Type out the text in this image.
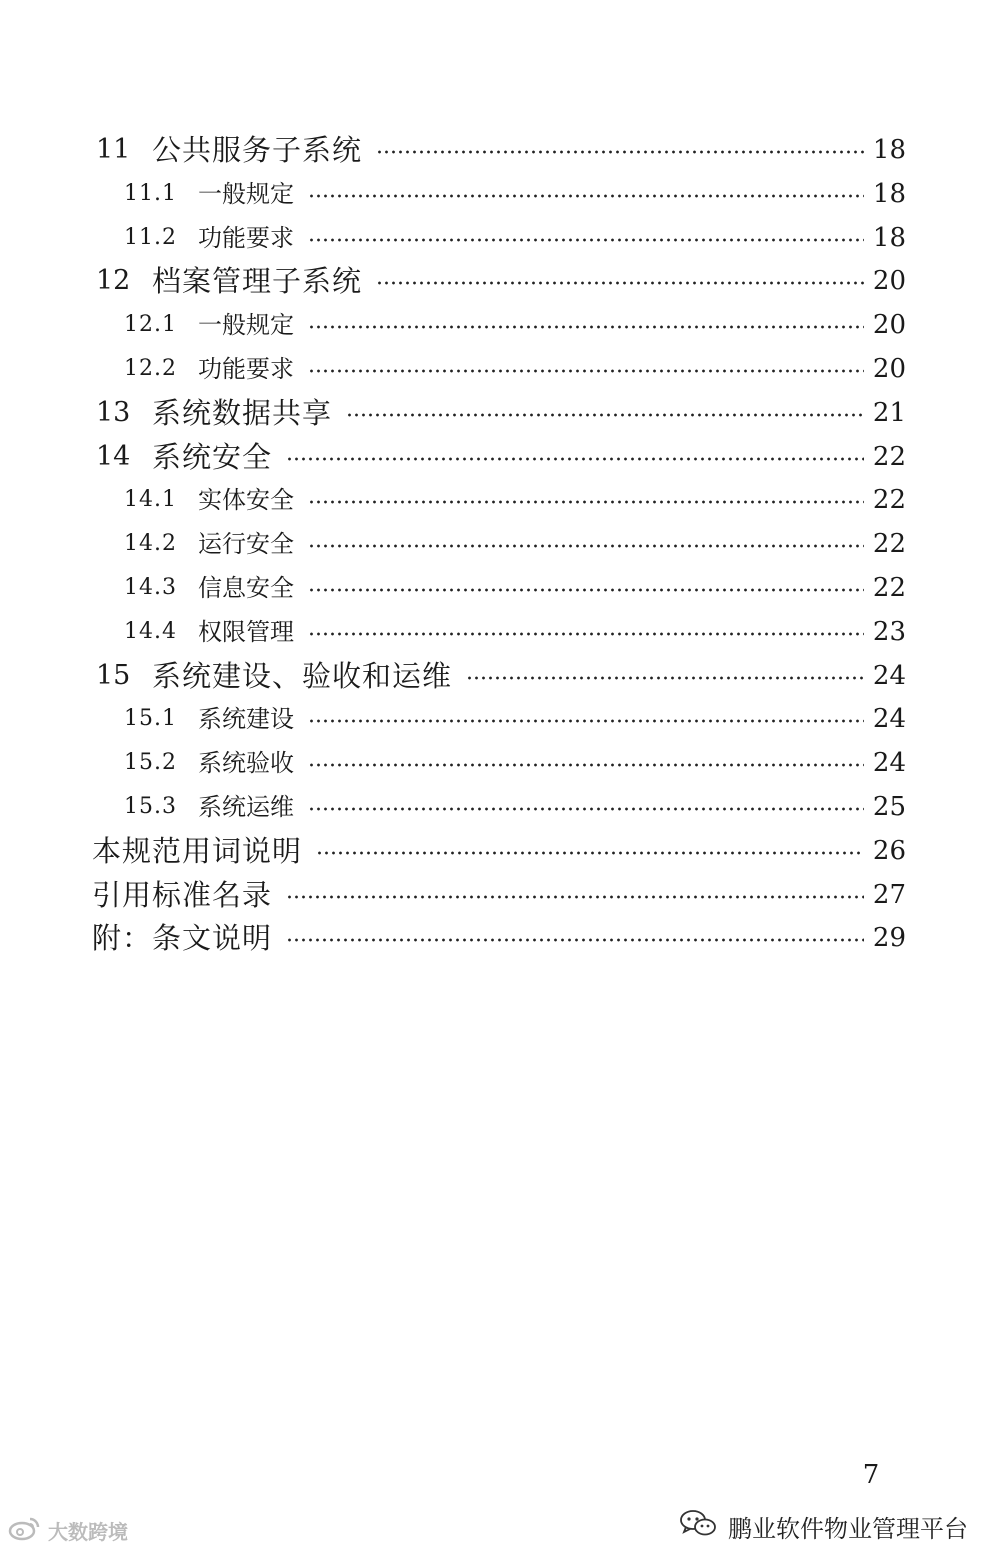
11 公共服务子系统	18
11.1 一般规定	18
11.2 功能要求	18
12 档案管理子系统	20
12.1 一般规定	20
12.2 功能要求	20
13 系统数据共享	21
14 系统安全	22
14.1 实体安全	22
14.2 运行安全	22
14.3 信息安全	22
14.4 权限管理	23
15 系统建设、验收和运维	24
15.1 系统建设	24
15.2 系统验收	24
15.3 系统运维	25
本规范用词说明	26
引用标准名录	27
附：条文说明	29
7
大数跨境	鹏业软件物业管理平台
